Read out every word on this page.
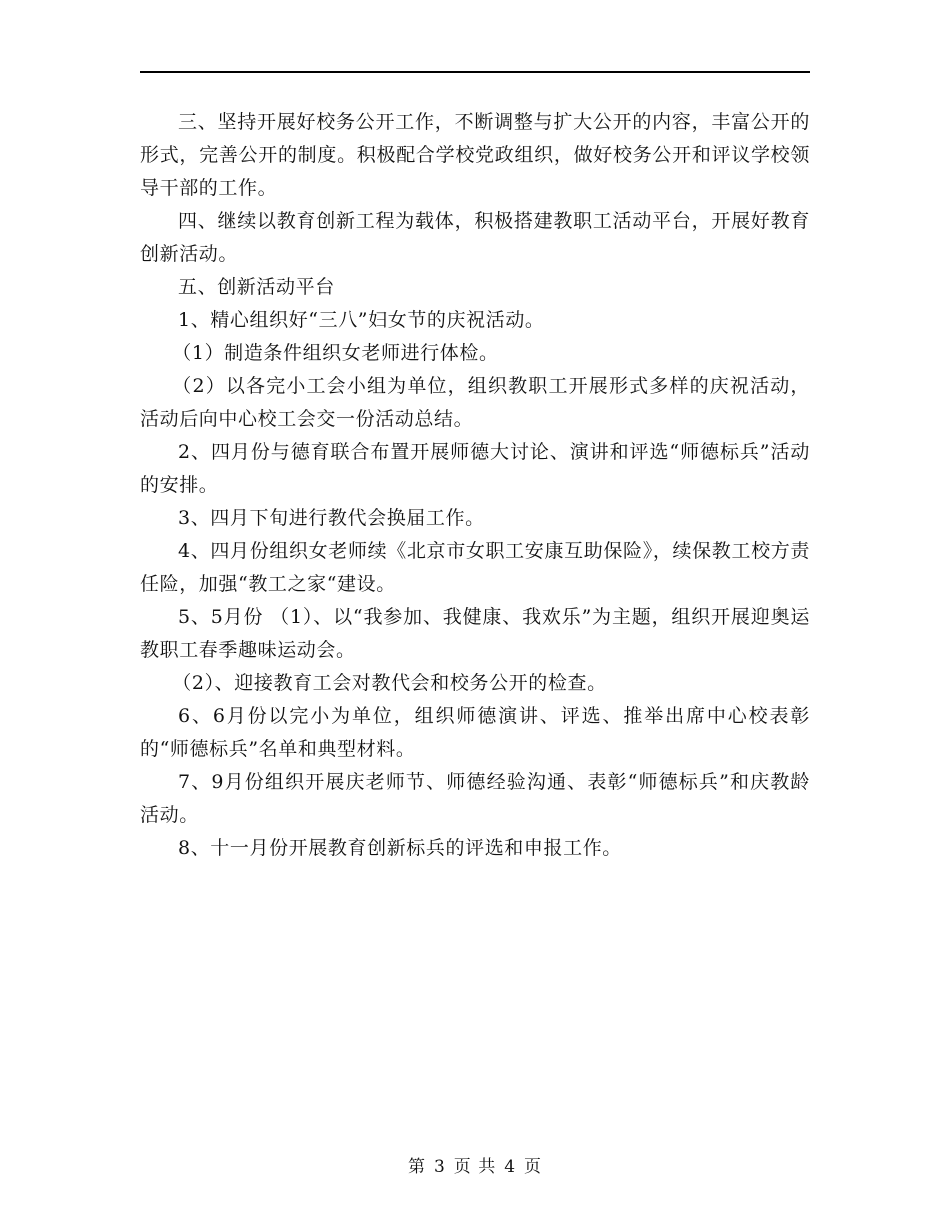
三、坚持开展好校务公开工作，不断调整与扩大公开的内容，丰富公开的形式，完善公开的制度。积极配合学校党政组织，做好校务公开和评议学校领导干部的工作。

四、继续以教育创新工程为载体，积极搭建教职工活动平台，开展好教育创新活动。

五、创新活动平台

1、精心组织好“三八”妇女节的庆祝活动。

（1）制造条件组织女老师进行体检。

（2）以各完小工会小组为单位，组织教职工开展形式多样的庆祝活动，活动后向中心校工会交一份活动总结。

2、四月份与德育联合布置开展师德大讨论、演讲和评选“师德标兵”活动的安排。

3、四月下旬进行教代会换届工作。

4、四月份组织女老师续《北京市女职工安康互助保险》，续保教工校方责任险，加强“教工之家“建设。

5、5月份 （1）、以“我参加、我健康、我欢乐”为主题，组织开展迎奥运教职工春季趣味运动会。

（2）、迎接教育工会对教代会和校务公开的检查。

6、6月份以完小为单位，组织师德演讲、评选、推举出席中心校表彰的“师德标兵”名单和典型材料。

7、9月份组织开展庆老师节、师德经验沟通、表彰“师德标兵”和庆教龄活动。

8、十一月份开展教育创新标兵的评选和申报工作。

第 3 页 共 4 页
